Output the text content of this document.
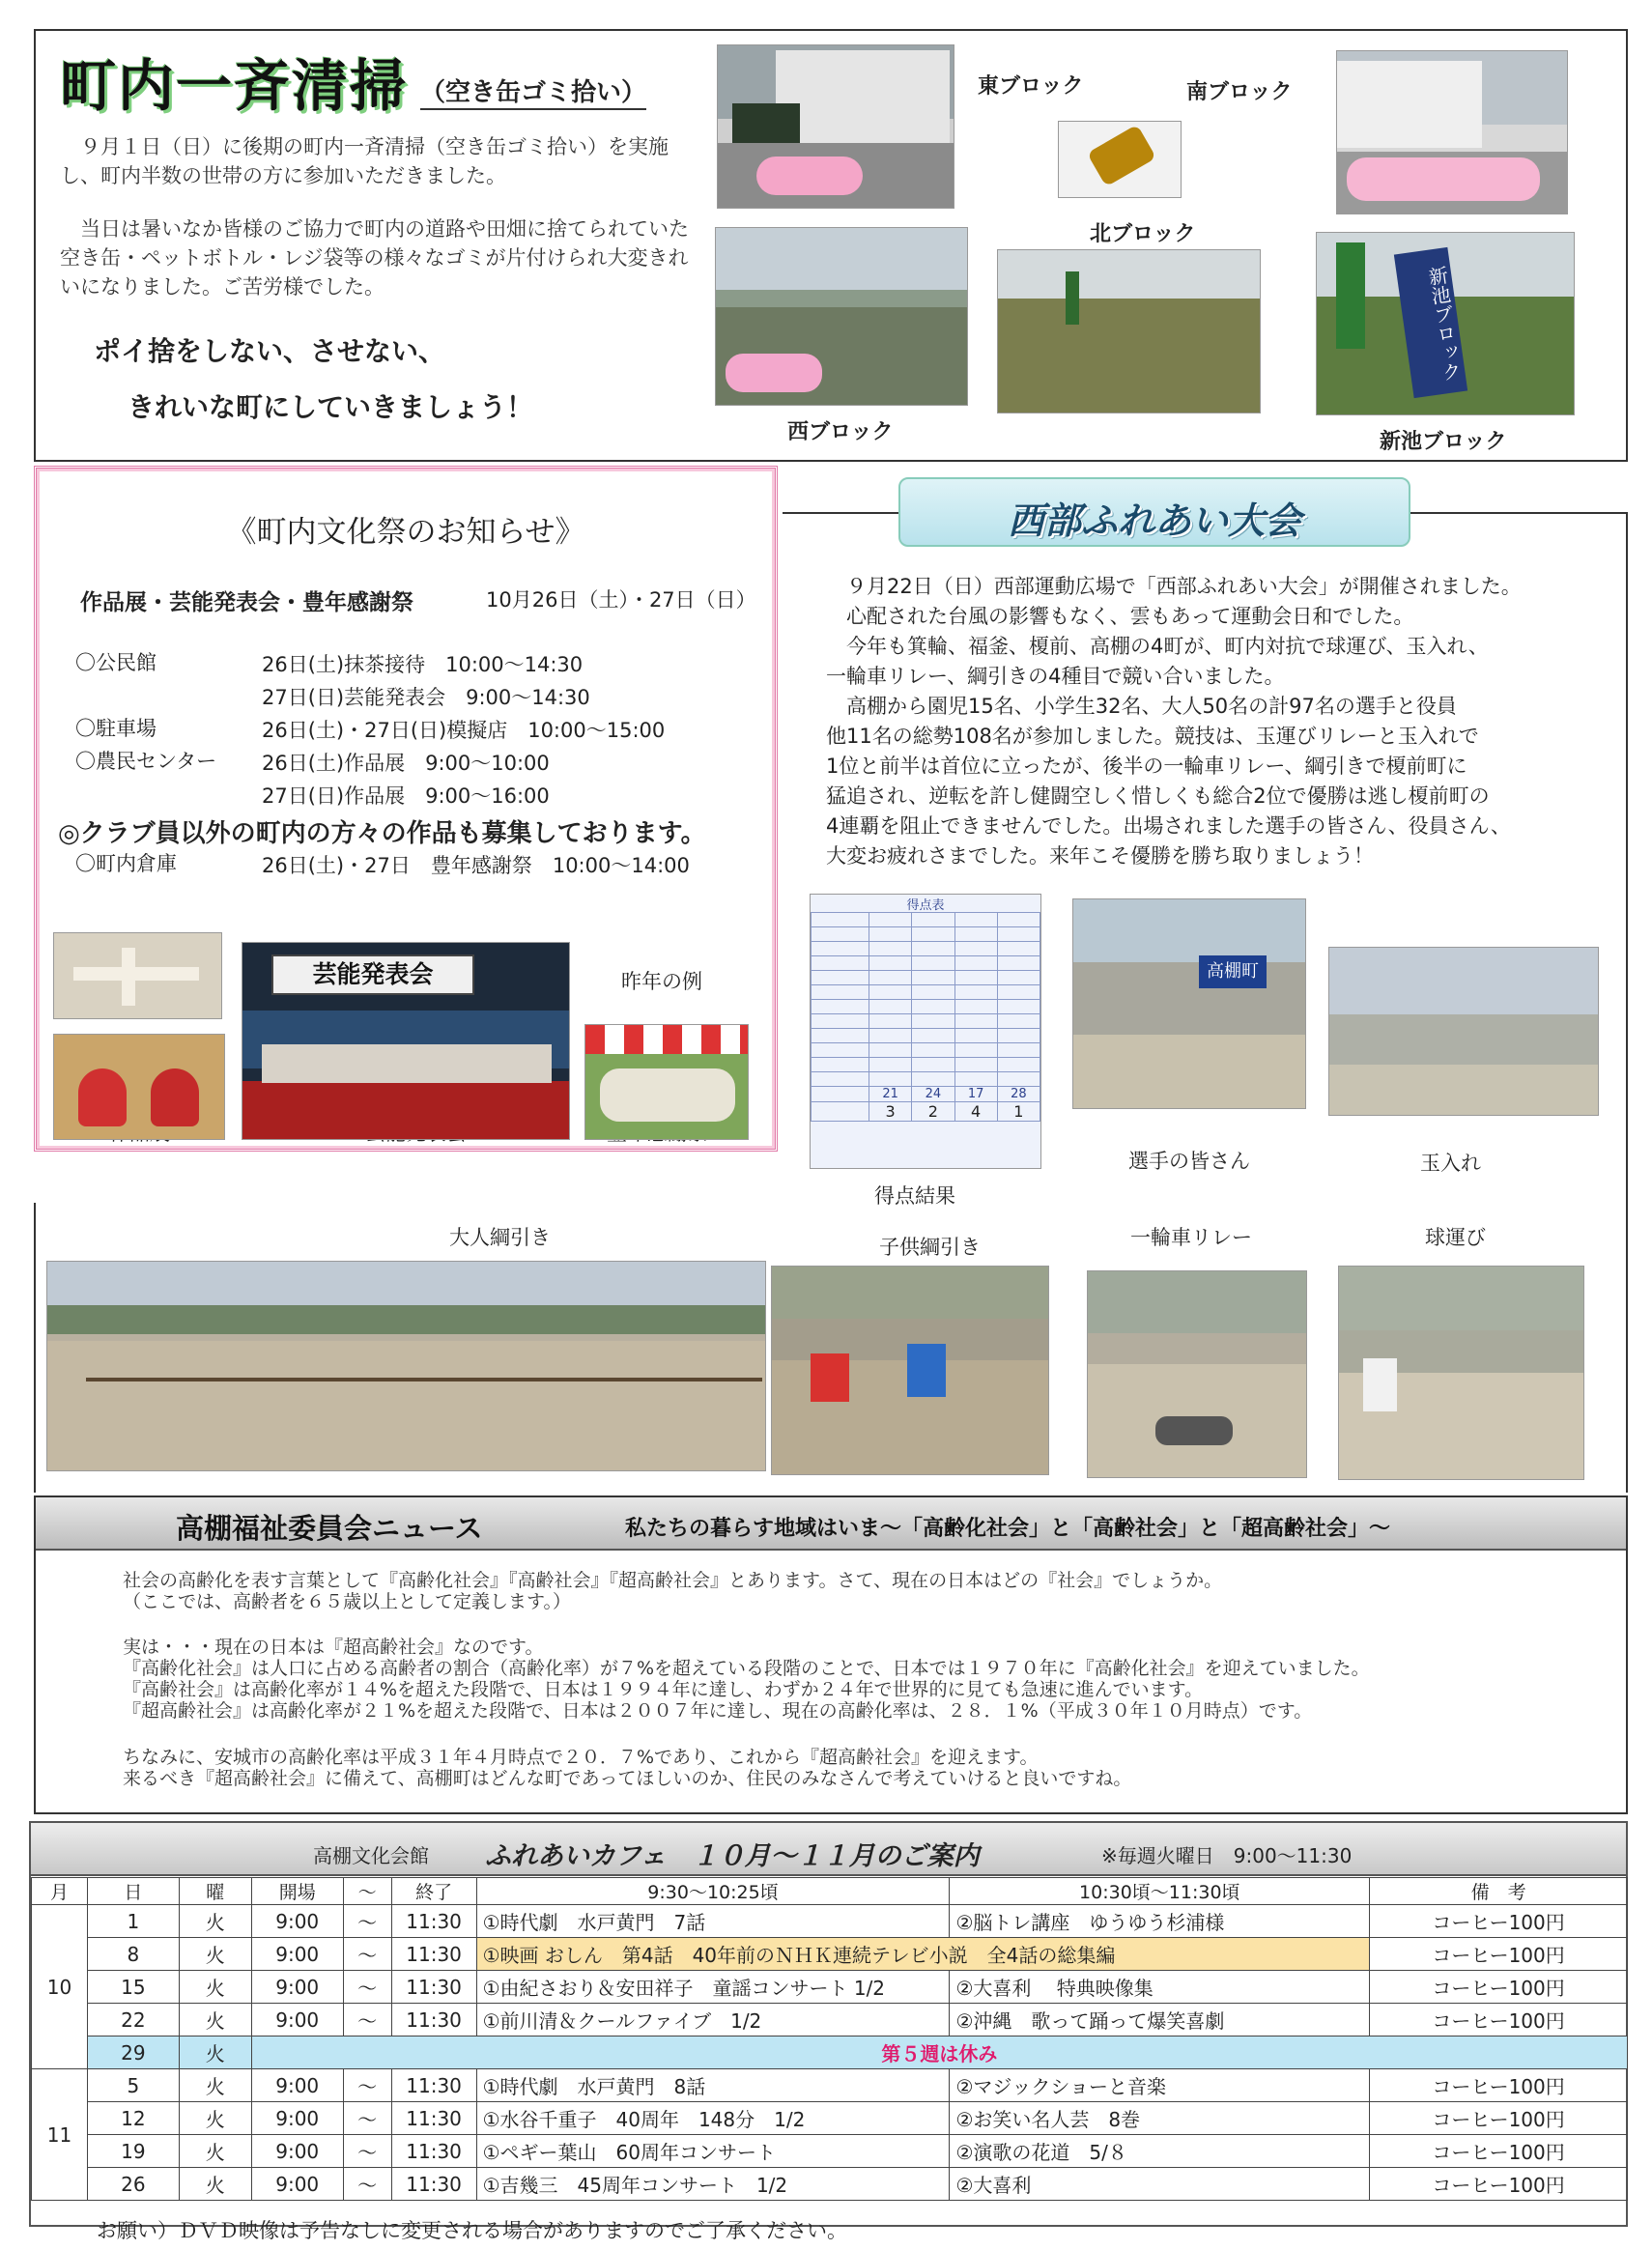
町内一斉清掃 （空き缶ゴミ拾い）
９月１日（日）に後期の町内一斉清掃（空き缶ゴミ拾い）を実施し、町内半数の世帯の方に参加いただきました。
当日は暑いなか皆様のご協力で町内の道路や田畑に捨てられていた空き缶・ペットボトル・レジ袋等の様々なゴミが片付けられ大変きれいになりました。ご苦労様でした。
ポイ捨をしない、させない、
きれいな町にしていきましょう！
東ブロック	南ブロック
北ブロック
西ブロック
新池ブロック
新池ブロック
《町内文化祭のお知らせ》
作品展・芸能発表会・豊年感謝祭	10月26日（土）・27日（日）
〇公民館	26日(土)抹茶接待　10:00～14:30
27日(日)芸能発表会　9:00～14:30
〇駐車場	26日(土)・27日(日)模擬店　10:00～15:00
〇農民センター 26日(土)作品展　9:00～10:00
27日(日)作品展　9:00～16:00
◎クラブ員以外の町内の方々の作品も募集しております。
〇町内倉庫	26日(土)・27日　豊年感謝祭　10:00～14:00
昨年の例
芸能発表会
西部ふれあい大会
　９月22日（日）西部運動広場で「西部ふれあい大会」が開催されました。
　心配された台風の影響もなく、雲もあって運動会日和でした。
　今年も箕輪、福釜、榎前、高棚の4町が、町内対抗で球運び、玉入れ、
一輪車リレー、綱引きの4種目で競い合いました。
　高棚から園児15名、小学生32名、大人50名の計97名の選手と役員
他11名の総勢108名が参加しました。競技は、玉運びリレーと玉入れで
1位と前半は首位に立ったが、後半の一輪車リレー、綱引きで榎前町に
猛追され、逆転を許し健闘空しく惜しくも総合2位で優勝は逃し榎前町の
4連覇を阻止できませんでした。出場されました選手の皆さん、役員さん、
大変お疲れさまでした。来年こそ優勝を勝ち取りましょう！
得点表

	21	24	17	28
	3	2	4	1
得点結果
高棚町
選手の皆さん	玉入れ
大人綱引き	子供綱引き	一輪車リレー	球運び
高棚福祉委員会ニュース	私たちの暮らす地域はいま～「高齢化社会」と「高齢社会」と「超高齢社会」～
社会の高齢化を表す言葉として『高齢化社会』『高齢社会』『超高齢社会』とあります。さて、現在の日本はどの『社会』でしょうか。
（ここでは、高齢者を６５歳以上として定義します。）
実は・・・現在の日本は『超高齢社会』なのです。
『高齢化社会』は人口に占める高齢者の割合（高齢化率）が７%を超えている段階のことで、日本では１９７０年に『高齢化社会』を迎えていました。
『高齢社会』は高齢化率が１４%を超えた段階で、日本は１９９４年に達し、わずか２４年で世界的に見ても急速に進んでいます。
『超高齢社会』は高齢化率が２１%を超えた段階で、日本は２００７年に達し、現在の高齢化率は、２８．１%（平成３０年１０月時点）です。
ちなみに、安城市の高齢化率は平成３１年４月時点で２０．７%であり、これから『超高齢社会』を迎えます。
来るべき『超高齢社会』に備えて、高棚町はどんな町であってほしいのか、住民のみなさんで考えていけると良いですね。
高棚文化会館 ふれあいカフェ　１０月～１１月のご案内	※毎週火曜日　9:00～11:30
月	日	曜	開場	～	終了	9:30～10:25頃	10:30頃～11:30頃	備　考
10	1	火	9:00	～	11:30	①時代劇　水戸黄門　7話	②脳トレ講座　ゆうゆう杉浦様	コーヒー100円
	8	火	9:00	～	11:30	①映画 おしん　第4話　40年前のＮＨＫ連続テレビ小説　全4話の総集編		コーヒー100円
	15	火	9:00	～	11:30	①由紀さおり＆安田祥子　童謡コンサート 1/2	②大喜利　 特典映像集	コーヒー100円
	22	火	9:00	～	11:30	①前川清＆クールファイブ　1/2	②沖縄　歌って踊って爆笑喜劇	コーヒー100円
	29	火	第５週は休み					
11	5	火	9:00	～	11:30	①時代劇　水戸黄門　8話	②マジックショーと音楽	コーヒー100円
	12	火	9:00	～	11:30	①水谷千重子　40周年　148分　1/2	②お笑い名人芸　8巻	コーヒー100円
	19	火	9:00	～	11:30	①ペギー葉山　60周年コンサート	②演歌の花道　5/８	コーヒー100円
	26	火	9:00	～	11:30	①吉幾三　45周年コンサート　1/2	②大喜利	コーヒー100円
お願い）ＤＶＤ映像は予告なしに変更される場合がありますのでご了承ください。
